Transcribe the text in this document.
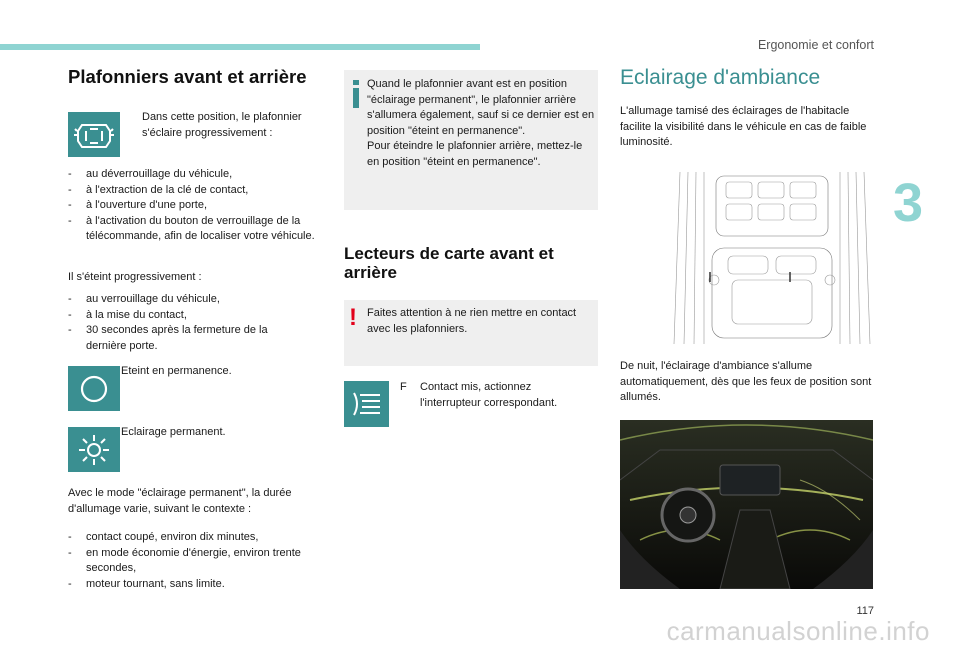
Ergonomie et confort
3
117
carmanualsonline.info
Plafonniers avant et arrière
Dans cette position, le plafonnier s'éclaire progressivement :
- au déverrouillage du véhicule,
- à l'extraction de la clé de contact,
- à l'ouverture d'une porte,
- à l'activation du bouton de verrouillage de la télécommande, afin de localiser votre véhicule.
Il s'éteint progressivement :
- au verrouillage du véhicule,
- à la mise du contact,
- 30 secondes après la fermeture de la dernière porte.
Eteint en permanence.
Eclairage permanent.
Avec le mode "éclairage permanent", la durée d'allumage varie, suivant le contexte :
- contact coupé, environ dix minutes,
- en mode économie d'énergie, environ trente secondes,
- moteur tournant, sans limite.
Quand le plafonnier avant est en position "éclairage permanent", le plafonnier arrière s'allumera également, sauf si ce dernier est en position "éteint en permanence".
Pour éteindre le plafonnier arrière, mettez-le en position "éteint en permanence".
Lecteurs de carte avant et arrière
! Faites attention à ne rien mettre en contact avec les plafonniers.
F Contact mis, actionnez l'interrupteur correspondant.
Eclairage d'ambiance
L'allumage tamisé des éclairages de l'habitacle facilite la visibilité dans le véhicule en cas de faible luminosité.
De nuit, l'éclairage d'ambiance s'allume automatiquement, dès que les feux de position sont allumés.
